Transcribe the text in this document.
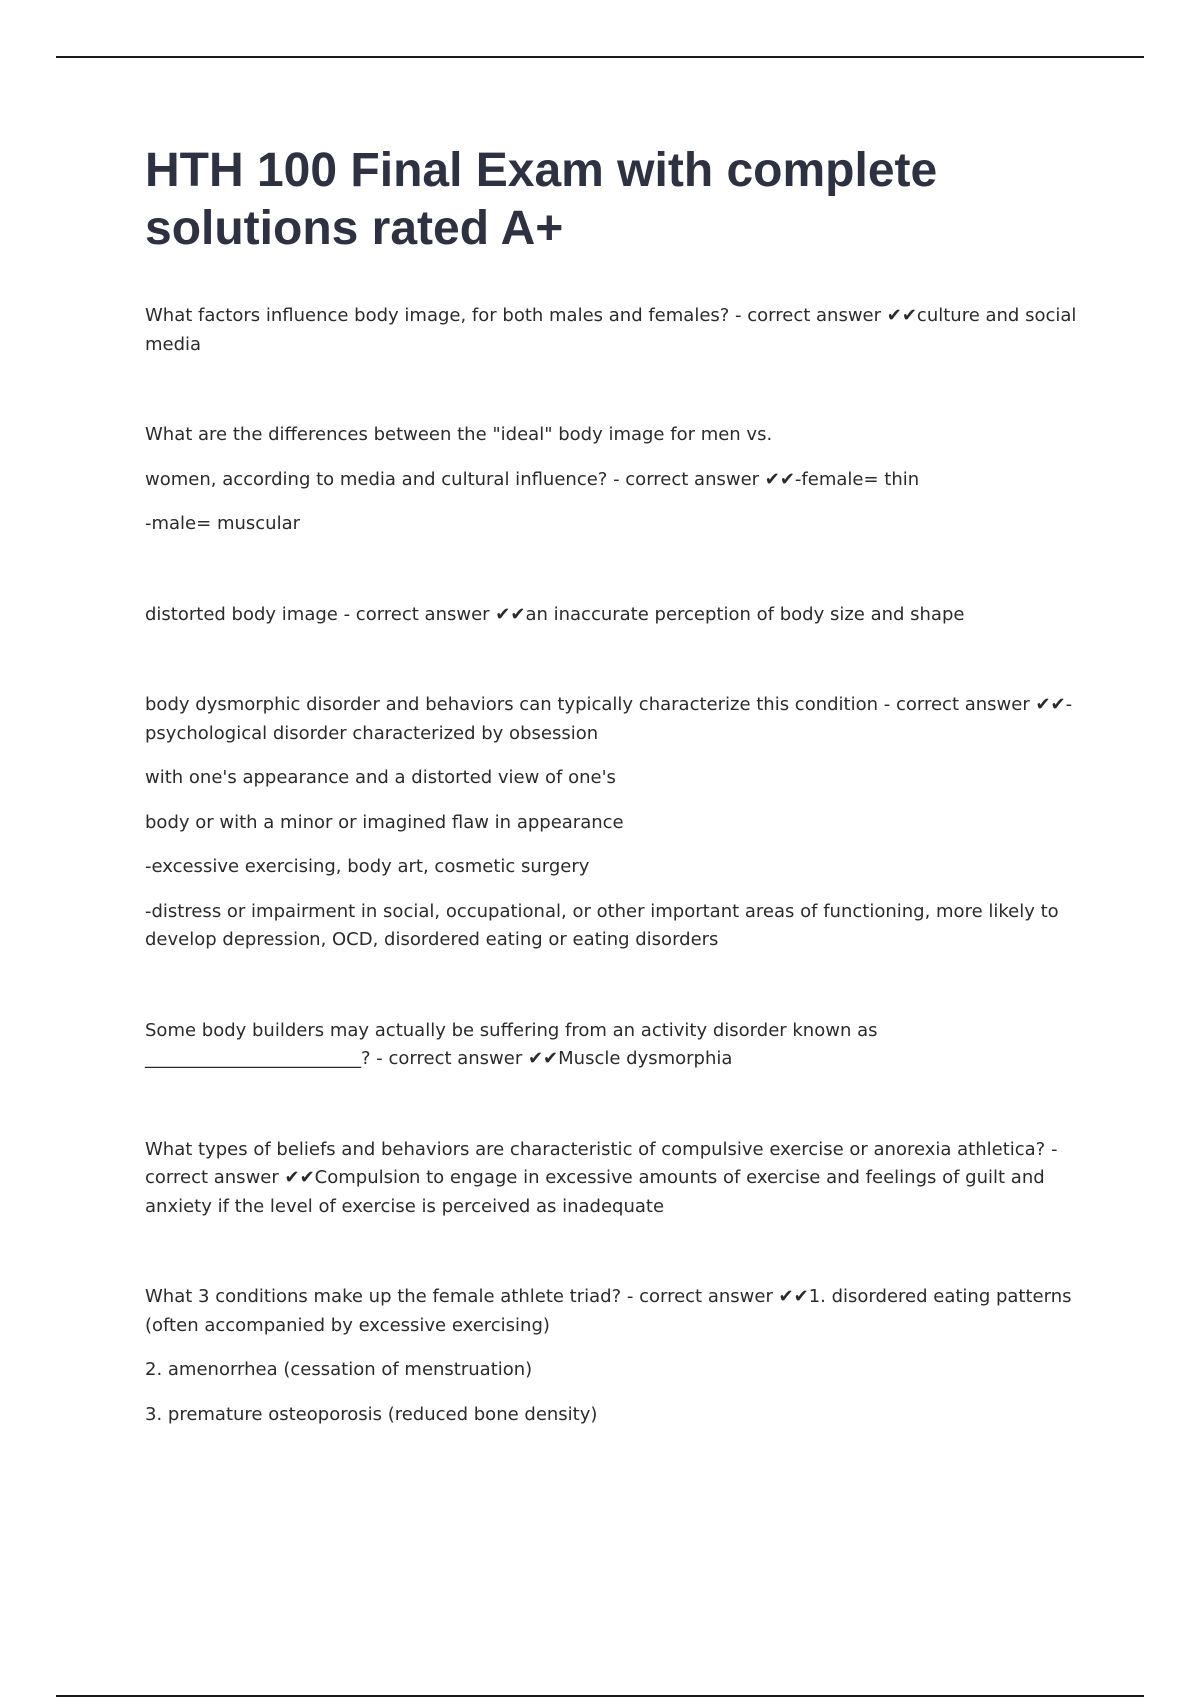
HTH 100 Final Exam with complete solutions rated A+

What factors influence body image, for both males and females? - correct answer ✔✔culture and social media

What are the differences between the "ideal" body image for men vs.

women, according to media and cultural influence? - correct answer ✔✔-female= thin

-male= muscular

distorted body image - correct answer ✔✔an inaccurate perception of body size and shape

body dysmorphic disorder and behaviors can typically characterize this condition - correct answer ✔✔-psychological disorder characterized by obsession

with one's appearance and a distorted view of one's

body or with a minor or imagined flaw in appearance

-excessive exercising, body art, cosmetic surgery

-distress or impairment in social, occupational, or other important areas of functioning, more likely to develop depression, OCD, disordered eating or eating disorders

Some body builders may actually be suffering from an activity disorder known as ________________________? - correct answer ✔✔Muscle dysmorphia

What types of beliefs and behaviors are characteristic of compulsive exercise or anorexia athletica? - correct answer ✔✔Compulsion to engage in excessive amounts of exercise and feelings of guilt and anxiety if the level of exercise is perceived as inadequate

What 3 conditions make up the female athlete triad? - correct answer ✔✔1. disordered eating patterns (often accompanied by excessive exercising)

2. amenorrhea (cessation of menstruation)

3. premature osteoporosis (reduced bone density)
